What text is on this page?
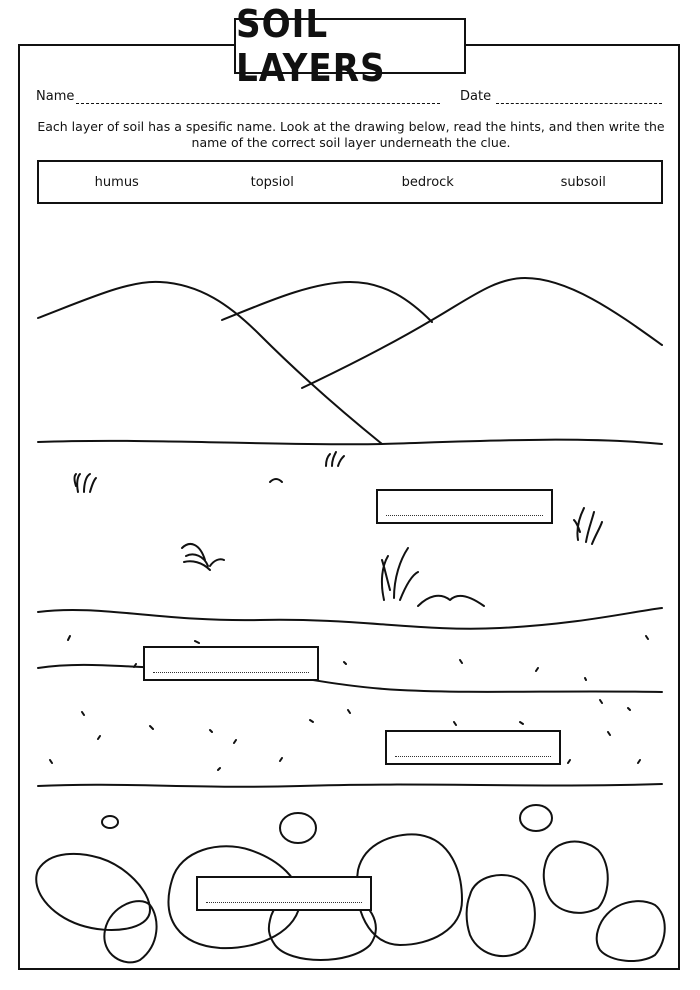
SOIL LAYERS
Name	Date
Each layer of soil has a spesific name. Look at the drawing below, read the hints, and then write the name of the correct soil layer underneath the clue.
humus	topsiol	bedrock	subsoil
